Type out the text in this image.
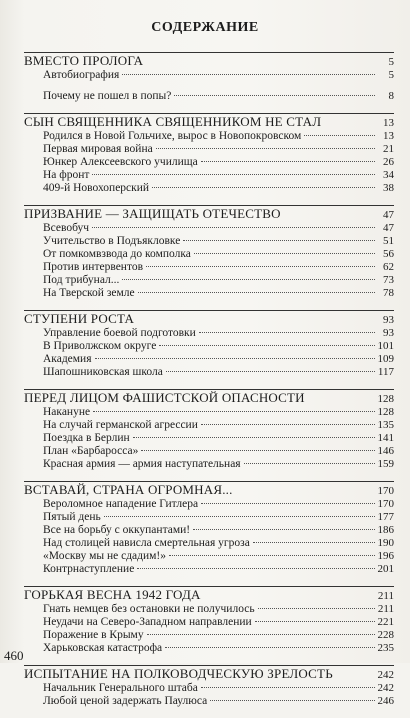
СОДЕРЖАНИЕ
ВМЕСТО ПРОЛОГА	5
Автобиография	5
Почему не пошел в попы?	8
СЫН СВЯЩЕННИКА СВЯЩЕННИКОМ НЕ СТАЛ	13
Родился в Новой Гольчихе, вырос в Новопокровском	13
Первая мировая война	21
Юнкер Алексеевского училища	26
На фронт	34
409-й Новохоперский	38
ПРИЗВАНИЕ — ЗАЩИЩАТЬ ОТЕЧЕСТВО	47
Всевобуч	47
Учительство в Подъякловке	51
От помкомвзвода до комполка	56
Против интервентов	62
Под трибунал...	73
На Тверской земле	78
СТУПЕНИ РОСТА	93
Управление боевой подготовки	93
В Приволжском округе	101
Академия	109
Шапошниковская школа	117
ПЕРЕД ЛИЦОМ ФАШИСТСКОЙ ОПАСНОСТИ	128
Накануне	128
На случай германской агрессии	135
Поездка в Берлин	141
План «Барбаросса»	146
Красная армия — армия наступательная	159
ВСТАВАЙ, СТРАНА ОГРОМНАЯ...	170
Вероломное нападение Гитлера	170
Пятый день	177
Все на борьбу с оккупантами!	186
Над столицей нависла смертельная угроза	190
«Москву мы не сдадим!»	196
Контрнаступление	201
ГОРЬКАЯ ВЕСНА 1942 ГОДА	211
Гнать немцев без остановки не получилось	211
Неудачи на Северо-Западном направлении	221
Поражение в Крыму	228
Харьковская катастрофа	235
ИСПЫТАНИЕ НА ПОЛКОВОДЧЕСКУЮ ЗРЕЛОСТЬ	242
Начальник Генерального штаба	242
Любой ценой задержать Паулюса	246
460
